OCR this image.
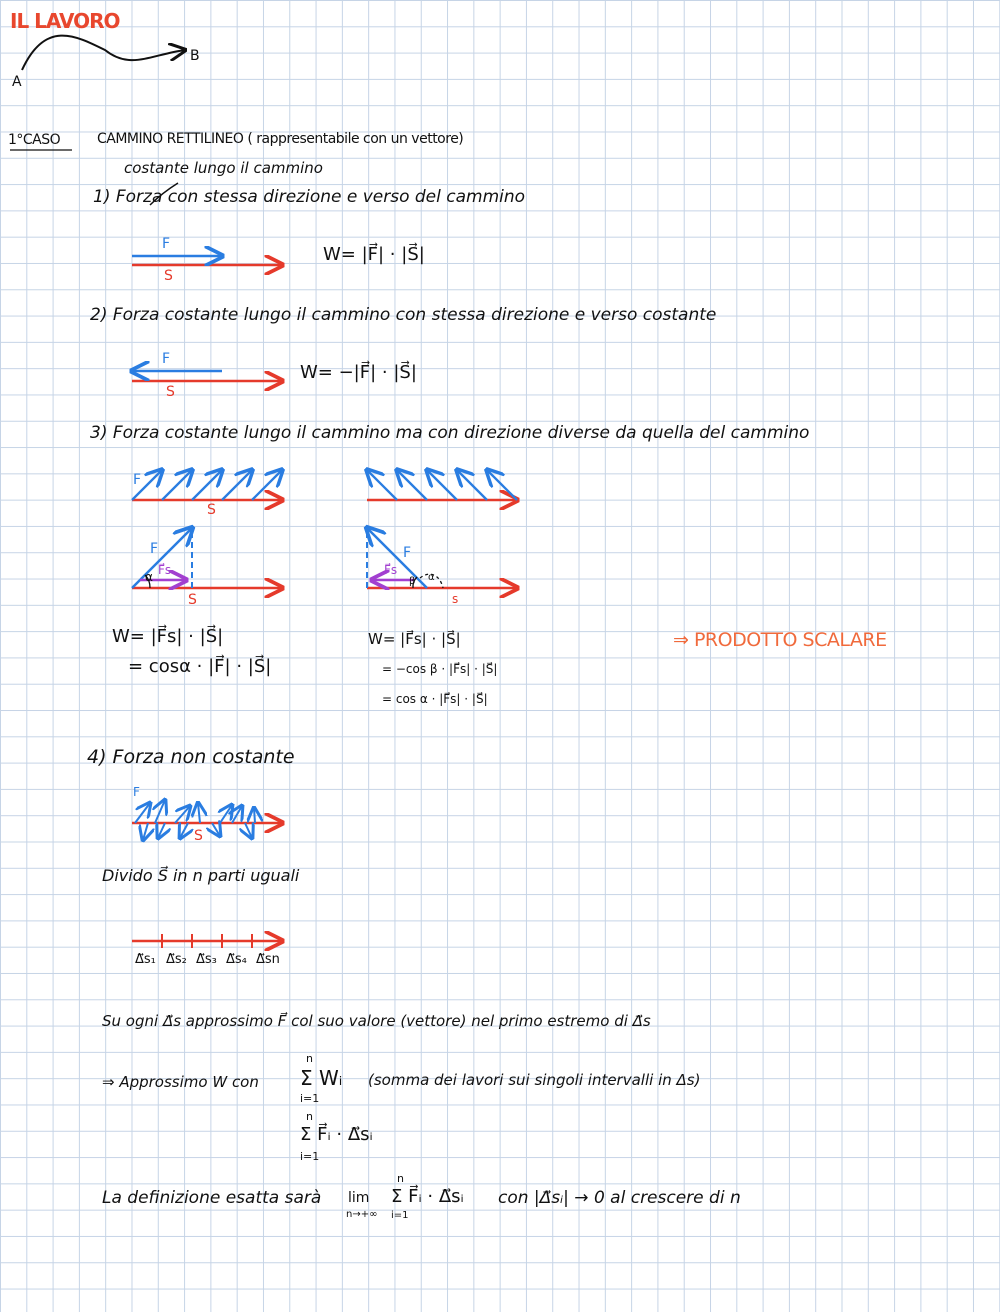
IL LAVORO
A
B
1°CASO	CAMMINO RETTILINEO ( rappresentabile con un vettore)
costante lungo il cammino
1) Forza con stessa direzione e verso del cammino
F
S
W= |F⃗| · |S⃗|
2) Forza costante lungo il cammino con stessa direzione e verso costante
F
S
W= −|F⃗| · |S⃗|
3) Forza costante lungo il cammino ma con direzione diverse da quella del cammino
F
S
F
α F⃗s
S
F
F⃗s
β α
s
W= |F⃗s| · |S⃗|
= cosα · |F⃗| · |S⃗|
W= |F⃗s| · |S⃗|
= −cos β · |F⃗s| · |S⃗|
= cos α · |F⃗s| · |S⃗|
⇒ PRODOTTO SCALARE
4) Forza non costante
F
S
Divido S⃗ in n parti uguali
Δ⃗s₁ Δ⃗s₂ Δ⃗s₃ Δ⃗s₄ Δ⃗sn
Su ogni Δ⃗s approssimo F⃗ col suo valore (vettore) nel primo estremo di Δ⃗s
⇒ Approssimo W con
n
Σ Wᵢ
i=1
(somma dei lavori sui singoli intervalli in Δs)
n
Σ F⃗ᵢ · Δ⃗sᵢ
i=1
La definizione esatta sarà lim
n→+∞
n
Σ F⃗ᵢ · Δ⃗sᵢ
i=1
con |Δ⃗sᵢ| → 0 al crescere di n
